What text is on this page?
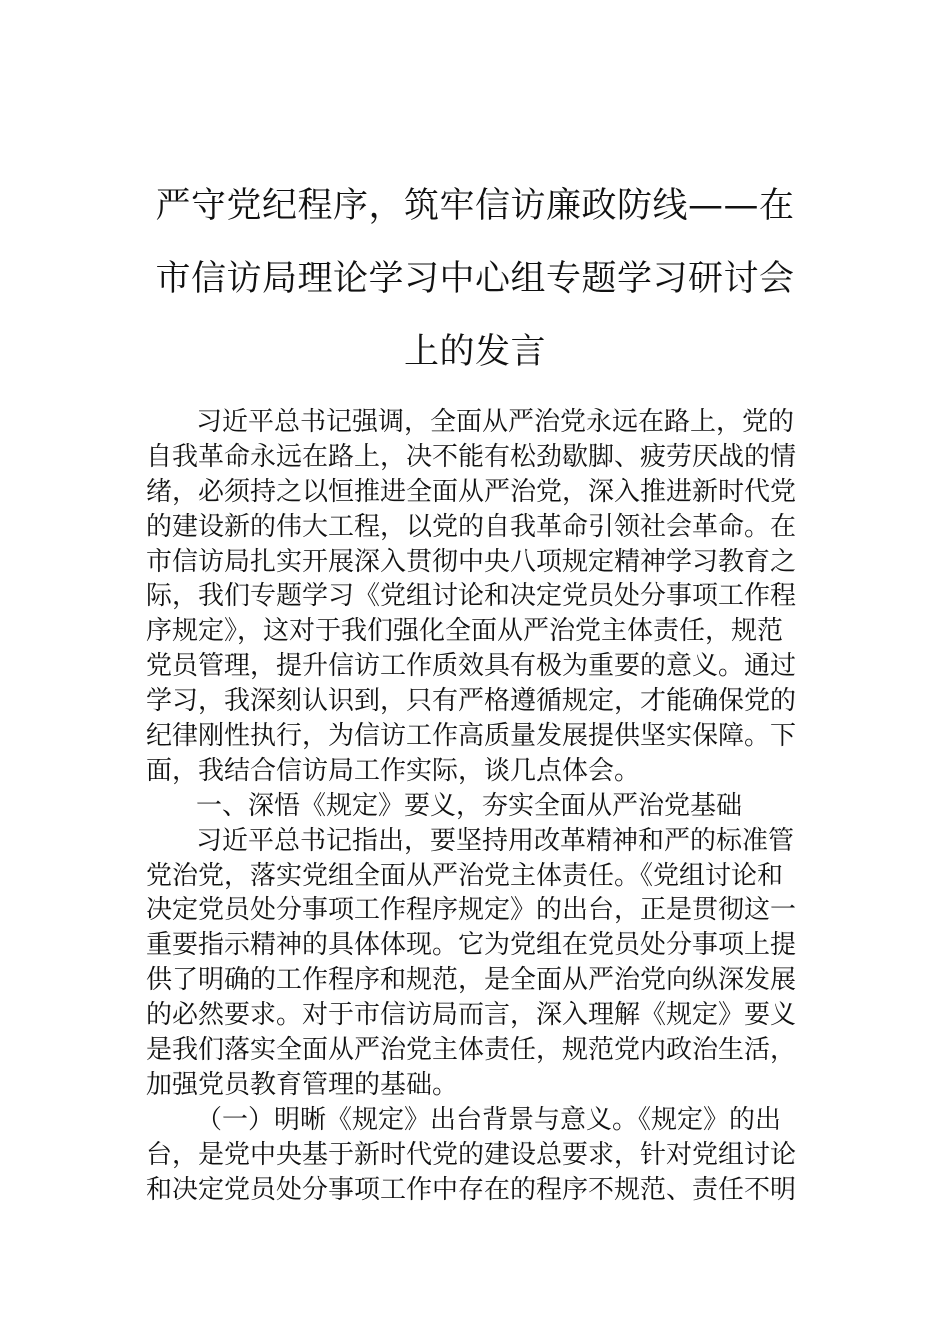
严守党纪程序，筑牢信访廉政防线——在
市信访局理论学习中心组专题学习研讨会
上的发言
习近平总书记强调，全面从严治党永远在路上，党的
自我革命永远在路上，决不能有松劲歇脚、疲劳厌战的情
绪，必须持之以恒推进全面从严治党，深入推进新时代党
的建设新的伟大工程，以党的自我革命引领社会革命。在
市信访局扎实开展深入贯彻中央八项规定精神学习教育之
际，我们专题学习《党组讨论和决定党员处分事项工作程
序规定》，这对于我们强化全面从严治党主体责任，规范
党员管理，提升信访工作质效具有极为重要的意义。通过
学习，我深刻认识到，只有严格遵循规定，才能确保党的
纪律刚性执行，为信访工作高质量发展提供坚实保障。下
面，我结合信访局工作实际，谈几点体会。
一、深悟《规定》要义，夯实全面从严治党基础
习近平总书记指出，要坚持用改革精神和严的标准管
党治党，落实党组全面从严治党主体责任。《党组讨论和
决定党员处分事项工作程序规定》的出台，正是贯彻这一
重要指示精神的具体体现。它为党组在党员处分事项上提
供了明确的工作程序和规范，是全面从严治党向纵深发展
的必然要求。对于市信访局而言，深入理解《规定》要义
是我们落实全面从严治党主体责任，规范党内政治生活，
加强党员教育管理的基础。
（一）明晰《规定》出台背景与意义。《规定》的出
台，是党中央基于新时代党的建设总要求，针对党组讨论
和决定党员处分事项工作中存在的程序不规范、责任不明
